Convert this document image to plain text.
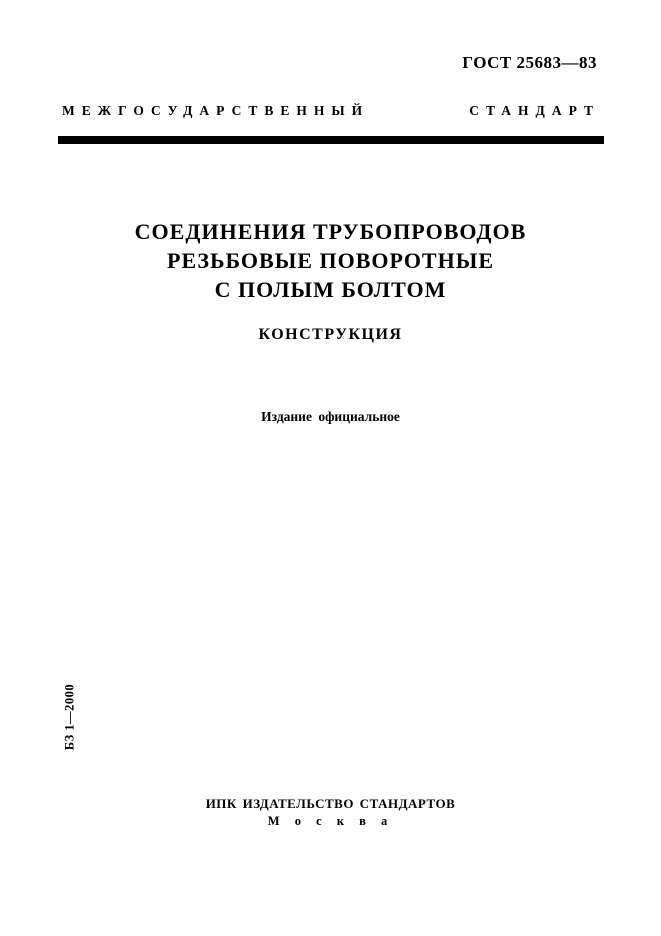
ГОСТ 25683—83
МЕЖГОСУДАРСТВЕННЫЙ	СТАНДАРТ
СОЕДИНЕНИЯ ТРУБОПРОВОДОВ
РЕЗЬБОВЫЕ ПОВОРОТНЫЕ
С ПОЛЫМ БОЛТОМ
КОНСТРУКЦИЯ
Издание официальное
БЗ 1—2000
ИПК ИЗДАТЕЛЬСТВО СТАНДАРТОВ
М о с к в а
